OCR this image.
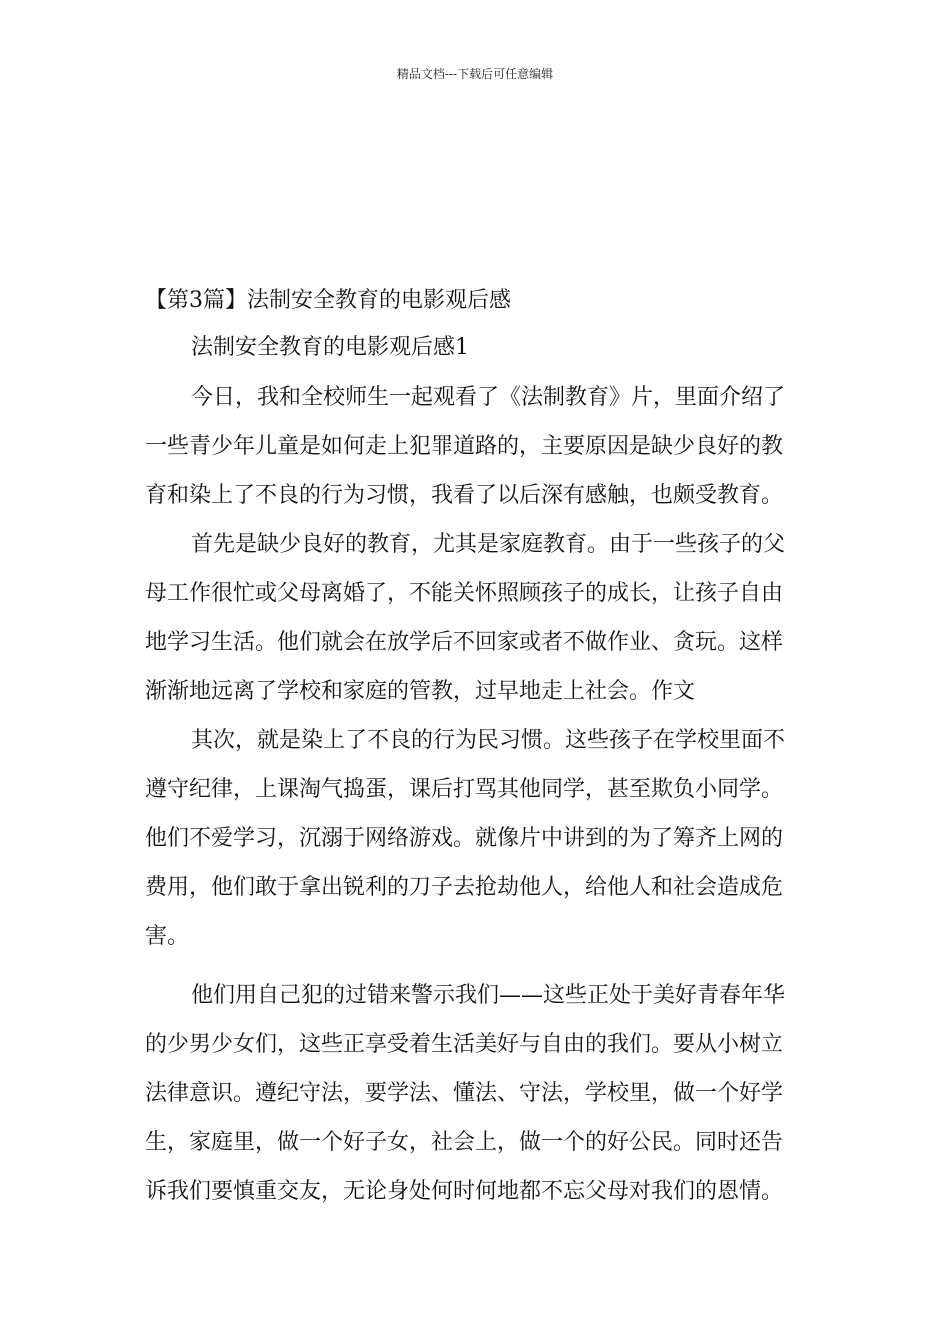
精品文档---下载后可任意编辑
【第3篇】法制安全教育的电影观后感
法制安全教育的电影观后感1
今日，我和全校师生一起观看了《法制教育》片，里面介绍了
一些青少年儿童是如何走上犯罪道路的，主要原因是缺少良好的教
育和染上了不良的行为习惯，我看了以后深有感触，也颇受教育。
首先是缺少良好的教育，尤其是家庭教育。由于一些孩子的父
母工作很忙或父母离婚了，不能关怀照顾孩子的成长，让孩子自由
地学习生活。他们就会在放学后不回家或者不做作业、贪玩。这样
渐渐地远离了学校和家庭的管教，过早地走上社会。作文
其次，就是染上了不良的行为民习惯。这些孩子在学校里面不
遵守纪律，上课淘气捣蛋，课后打骂其他同学，甚至欺负小同学。
他们不爱学习，沉溺于网络游戏。就像片中讲到的为了筹齐上网的
费用，他们敢于拿出锐利的刀子去抢劫他人，给他人和社会造成危
害。
他们用自己犯的过错来警示我们——这些正处于美好青春年华
的少男少女们，这些正享受着生活美好与自由的我们。要从小树立
法律意识。遵纪守法，要学法、懂法、守法，学校里，做一个好学
生，家庭里，做一个好子女，社会上，做一个的好公民。同时还告
诉我们要慎重交友，无论身处何时何地都不忘父母对我们的恩情。
